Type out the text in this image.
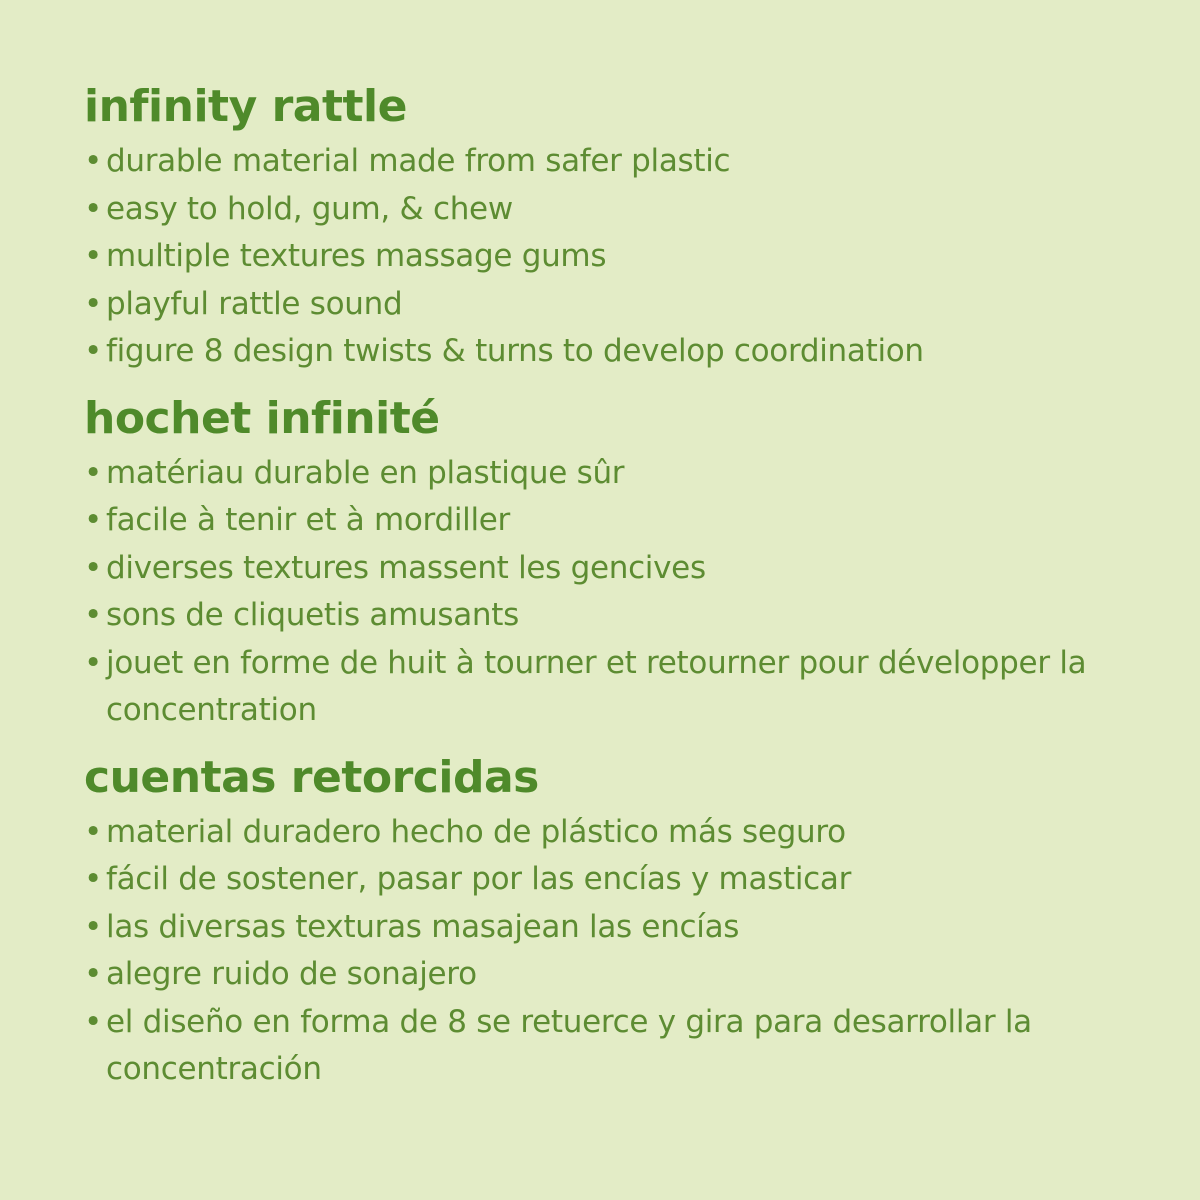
infinity rattle
• durable material made from safer plastic
• easy to hold, gum, & chew
• multiple textures massage gums
• playful rattle sound
• figure 8 design twists & turns to develop coordination
hochet infinité
• matériau durable en plastique sûr
• facile à tenir et à mordiller
• diverses textures massent les gencives
• sons de cliquetis amusants
• jouet en forme de huit à tourner et retourner pour développer la concentration
cuentas retorcidas
• material duradero hecho de plástico más seguro
• fácil de sostener, pasar por las encías y masticar
• las diversas texturas masajean las encías
• alegre ruido de sonajero
• el diseño en forma de 8 se retuerce y gira para desarrollar la concentración
